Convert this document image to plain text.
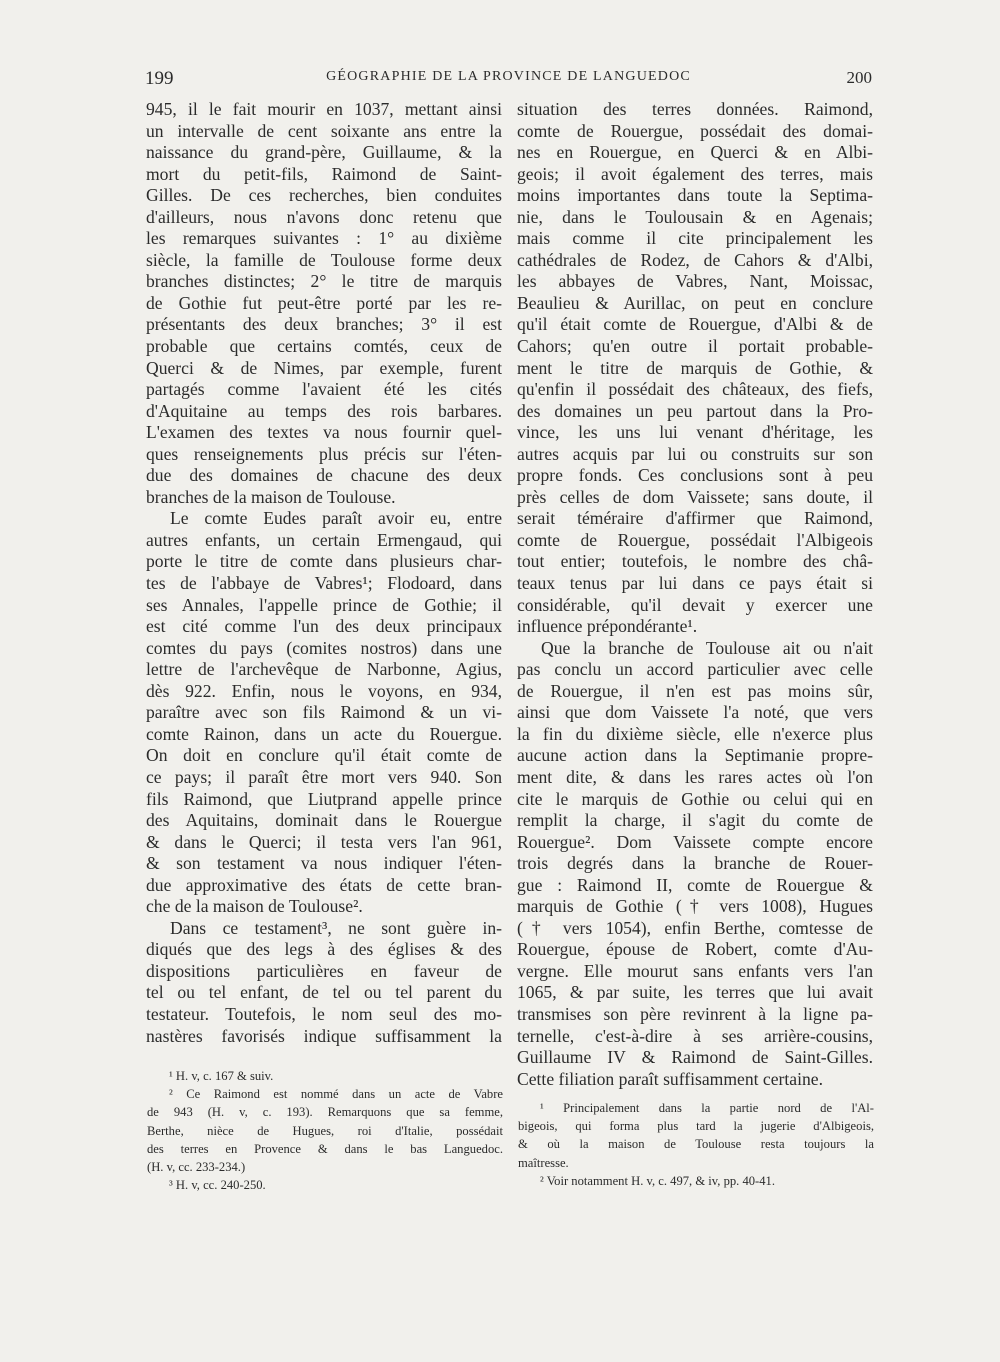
199	GÉOGRAPHIE DE LA PROVINCE DE LANGUEDOC	200
945, il le fait mourir en 1037, mettant ainsi
un intervalle de cent soixante ans entre la
naissance du grand-père, Guillaume, & la
mort du petit-fils, Raimond de Saint-
Gilles. De ces recherches, bien conduites
d'ailleurs, nous n'avons donc retenu que
les remarques suivantes : 1° au dixième
siècle, la famille de Toulouse forme deux
branches distinctes; 2° le titre de marquis
de Gothie fut peut-être porté par les re-
présentants des deux branches; 3° il est
probable que certains comtés, ceux de
Querci & de Nimes, par exemple, furent
partagés comme l'avaient été les cités
d'Aquitaine au temps des rois barbares.
L'examen des textes va nous fournir quel-
ques renseignements plus précis sur l'éten-
due des domaines de chacune des deux
branches de la maison de Toulouse.
Le comte Eudes paraît avoir eu, entre
autres enfants, un certain Ermengaud, qui
porte le titre de comte dans plusieurs char-
tes de l'abbaye de Vabres¹; Flodoard, dans
ses Annales, l'appelle prince de Gothie; il
est cité comme l'un des deux principaux
comtes du pays (comites nostros) dans une
lettre de l'archevêque de Narbonne, Agius,
dès 922. Enfin, nous le voyons, en 934,
paraître avec son fils Raimond & un vi-
comte Rainon, dans un acte du Rouergue.
On doit en conclure qu'il était comte de
ce pays; il paraît être mort vers 940. Son
fils Raimond, que Liutprand appelle prince
des Aquitains, dominait dans le Rouergue
& dans le Querci; il testa vers l'an 961,
& son testament va nous indiquer l'éten-
due approximative des états de cette bran-
che de la maison de Toulouse².
Dans ce testament³, ne sont guère in-
diqués que des legs à des églises & des
dispositions particulières en faveur de
tel ou tel enfant, de tel ou tel parent du
testateur. Toutefois, le nom seul des mo-
nastères favorisés indique suffisamment la
situation des terres données. Raimond,
comte de Rouergue, possédait des domai-
nes en Rouergue, en Querci & en Albi-
geois; il avoit également des terres, mais
moins importantes dans toute la Septima-
nie, dans le Toulousain & en Agenais;
mais comme il cite principalement les
cathédrales de Rodez, de Cahors & d'Albi,
les abbayes de Vabres, Nant, Moissac,
Beaulieu & Aurillac, on peut en conclure
qu'il était comte de Rouergue, d'Albi & de
Cahors; qu'en outre il portait probable-
ment le titre de marquis de Gothie, &
qu'enfin il possédait des châteaux, des fiefs,
des domaines un peu partout dans la Pro-
vince, les uns lui venant d'héritage, les
autres acquis par lui ou construits sur son
propre fonds. Ces conclusions sont à peu
près celles de dom Vaissete; sans doute, il
serait téméraire d'affirmer que Raimond,
comte de Rouergue, possédait l'Albigeois
tout entier; toutefois, le nombre des châ-
teaux tenus par lui dans ce pays était si
considérable, qu'il devait y exercer une
influence prépondérante¹.
Que la branche de Toulouse ait ou n'ait
pas conclu un accord particulier avec celle
de Rouergue, il n'en est pas moins sûr,
ainsi que dom Vaissete l'a noté, que vers
la fin du dixième siècle, elle n'exerce plus
aucune action dans la Septimanie propre-
ment dite, & dans les rares actes où l'on
cite le marquis de Gothie ou celui qui en
remplit la charge, il s'agit du comte de
Rouergue². Dom Vaissete compte encore
trois degrés dans la branche de Rouer-
gue : Raimond II, comte de Rouergue &
marquis de Gothie († vers 1008), Hugues
(† vers 1054), enfin Berthe, comtesse de
Rouergue, épouse de Robert, comte d'Au-
vergne. Elle mourut sans enfants vers l'an
1065, & par suite, les terres que lui avait
transmises son père revinrent à la ligne pa-
ternelle, c'est-à-dire à ses arrière-cousins,
Guillaume IV & Raimond de Saint-Gilles.
Cette filiation paraît suffisamment certaine.
¹ H. v, c. 167 & suiv.
² Ce Raimond est nommé dans un acte de Vabre
de 943 (H. v, c. 193). Remarquons que sa femme,
Berthe, nièce de Hugues, roi d'Italie, possédait
des terres en Provence & dans le bas Languedoc.
(H. v, cc. 233-234.)
³ H. v, cc. 240-250.
¹ Principalement dans la partie nord de l'Al-
bigeois, qui forma plus tard la jugerie d'Albigeois,
& où la maison de Toulouse resta toujours la
maîtresse.
² Voir notamment H. v, c. 497, & iv, pp. 40-41.
